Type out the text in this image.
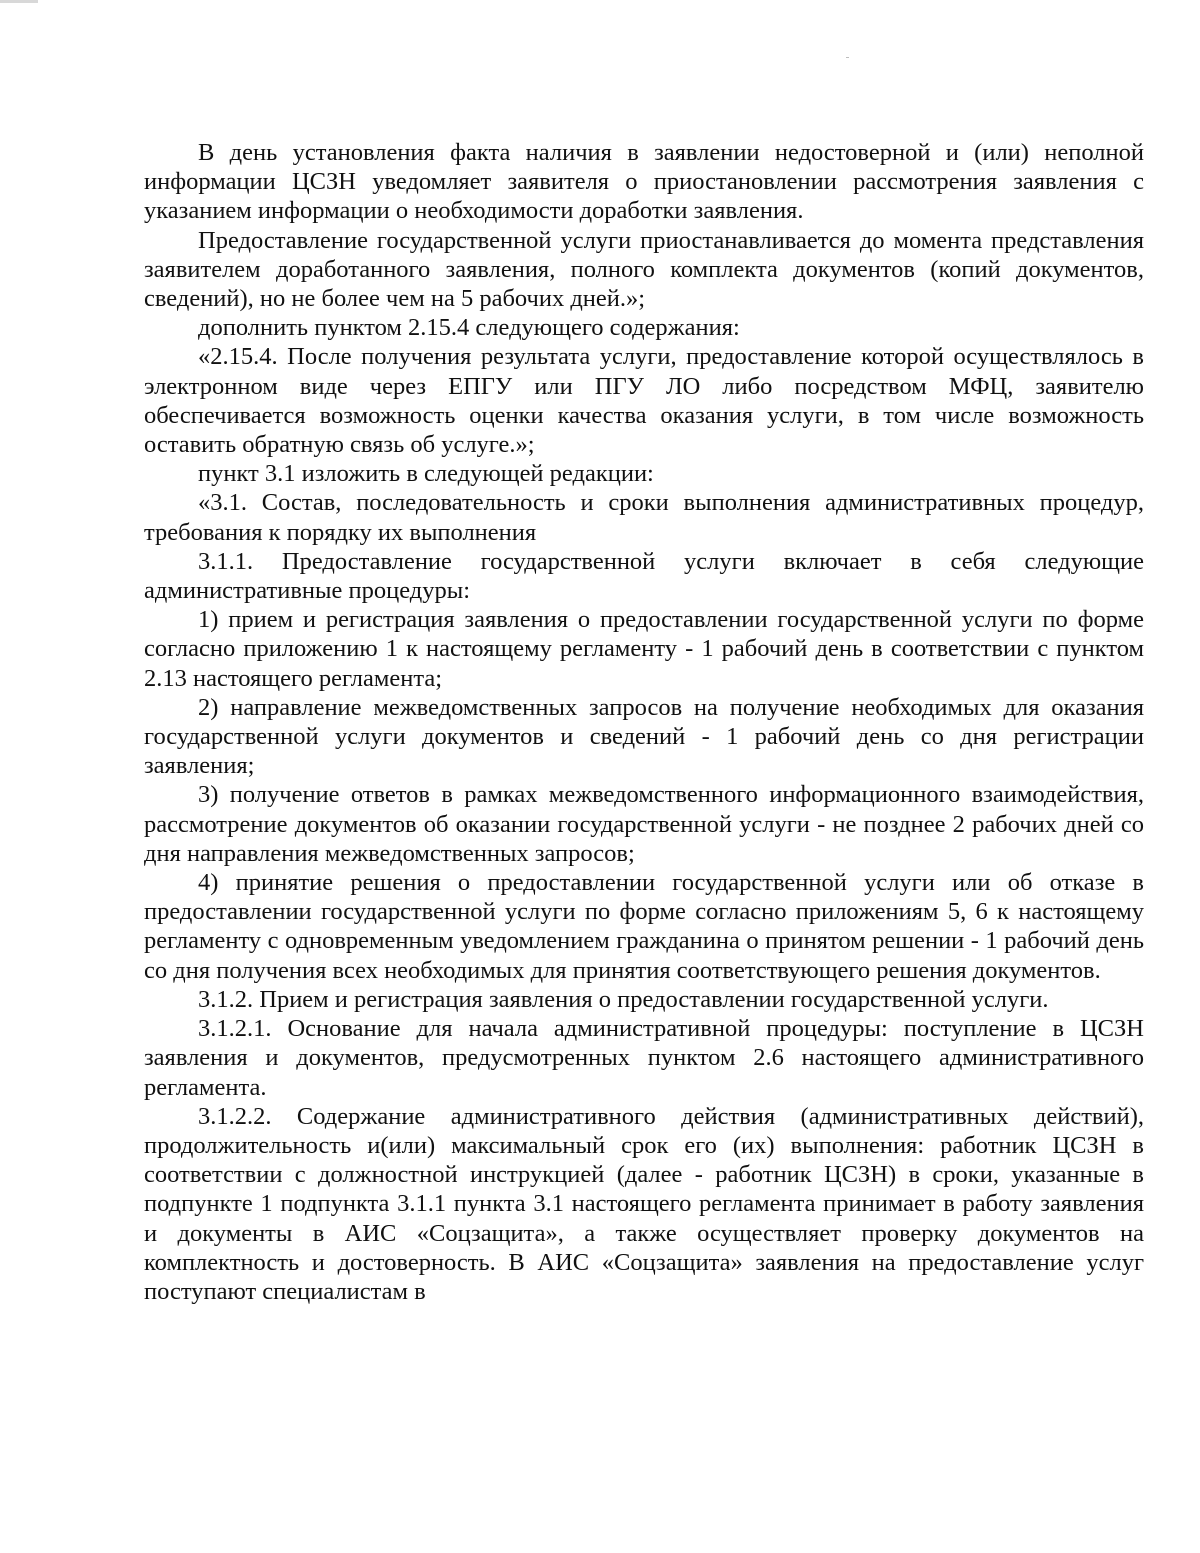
В день установления факта наличия в заявлении недостоверной и (или) неполной информации ЦСЗН уведомляет заявителя о приостановлении рассмотрения заявления с указанием информации о необходимости доработки заявления.

Предоставление государственной услуги приостанавливается до момента представления заявителем доработанного заявления, полного комплекта документов (копий документов, сведений), но не более чем на 5 рабочих дней.»;

дополнить пунктом 2.15.4 следующего содержания:

«2.15.4. После получения результата услуги, предоставление которой осуществлялось в электронном виде через ЕПГУ или ПГУ ЛО либо посредством МФЦ, заявителю обеспечивается возможность оценки качества оказания услуги, в том числе возможность оставить обратную связь об услуге.»;

пункт 3.1 изложить в следующей редакции:

«3.1. Состав, последовательность и сроки выполнения административных процедур, требования к порядку их выполнения

3.1.1. Предоставление государственной услуги включает в себя следующие административные процедуры:

1) прием и регистрация заявления о предоставлении государственной услуги по форме согласно приложению 1 к настоящему регламенту - 1 рабочий день в соответствии с пунктом 2.13 настоящего регламента;

2) направление межведомственных запросов на получение необходимых для оказания государственной услуги документов и сведений - 1 рабочий день со дня регистрации заявления;

3) получение ответов в рамках межведомственного информационного взаимодействия, рассмотрение документов об оказании государственной услуги - не позднее 2 рабочих дней со дня направления межведомственных запросов;

4) принятие решения о предоставлении государственной услуги или об отказе в предоставлении государственной услуги по форме согласно приложениям 5, 6 к настоящему регламенту с одновременным уведомлением гражданина о принятом решении - 1 рабочий день со дня получения всех необходимых для принятия соответствующего решения документов.

3.1.2. Прием и регистрация заявления о предоставлении государственной услуги.

3.1.2.1. Основание для начала административной процедуры: поступление в ЦСЗН заявления и документов, предусмотренных пунктом 2.6 настоящего административного регламента.

3.1.2.2. Содержание административного действия (административных действий), продолжительность и(или) максимальный срок его (их) выполнения: работник ЦСЗН в соответствии с должностной инструкцией (далее - работник ЦСЗН) в сроки, указанные в подпункте 1 подпункта 3.1.1 пункта 3.1 настоящего регламента принимает в работу заявления и документы в АИС «Соцзащита», а также осуществляет проверку документов на комплектность и достоверность. В АИС «Соцзащита» заявления на предоставление услуг поступают специалистам в
